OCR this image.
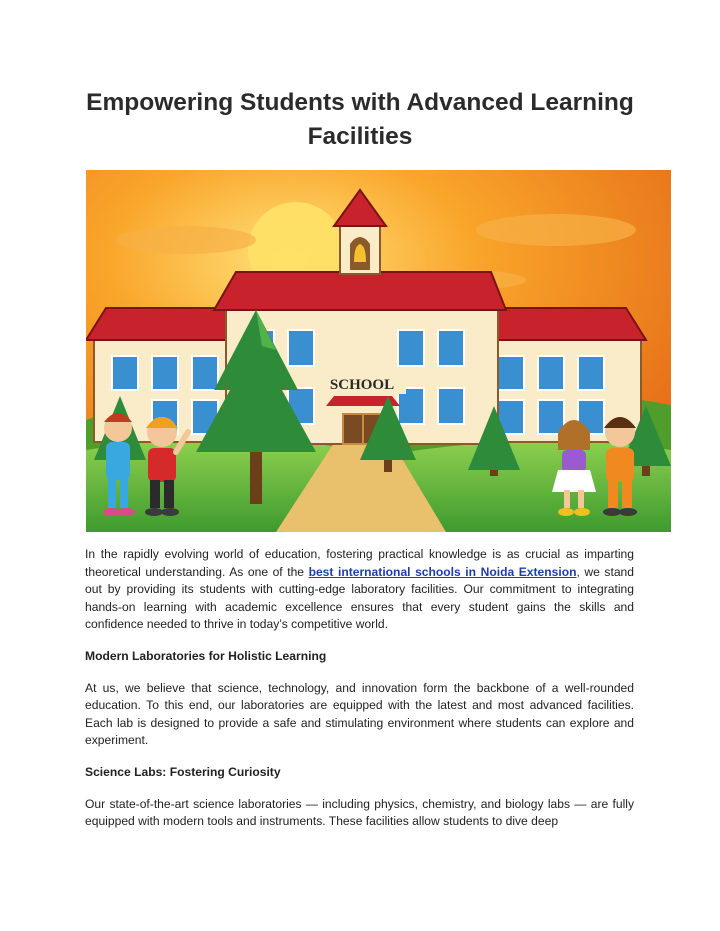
Empowering Students with Advanced Learning Facilities
SCHOOL

In the rapidly evolving world of education, fostering practical knowledge is as crucial as imparting theoretical understanding. As one of the best international schools in Noida Extension, we stand out by providing its students with cutting-edge laboratory facilities. Our commitment to integrating hands-on learning with academic excellence ensures that every student gains the skills and confidence needed to thrive in today’s competitive world.

Modern Laboratories for Holistic Learning

At us, we believe that science, technology, and innovation form the backbone of a well-rounded education. To this end, our laboratories are equipped with the latest and most advanced facilities. Each lab is designed to provide a safe and stimulating environment where students can explore and experiment.

Science Labs: Fostering Curiosity

Our state-of-the-art science laboratories — including physics, chemistry, and biology labs — are fully equipped with modern tools and instruments. These facilities allow students to dive deep
